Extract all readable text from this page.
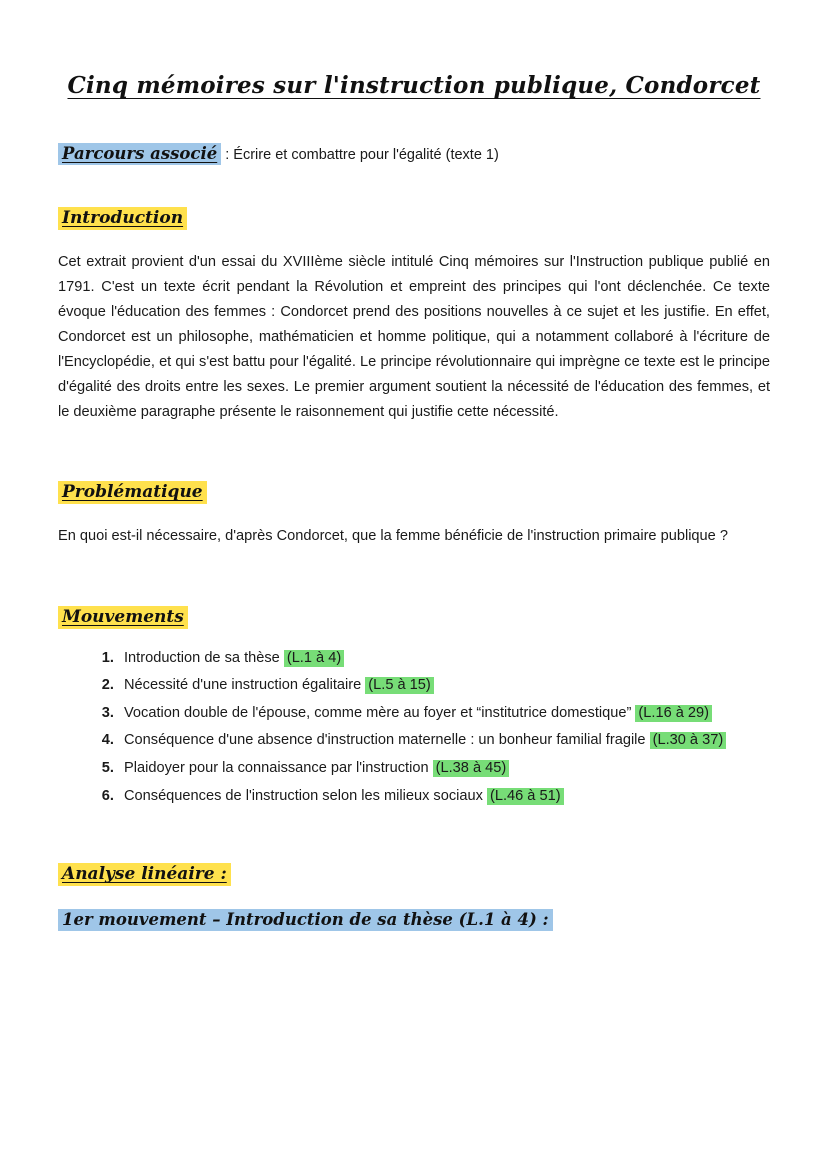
Cinq mémoires sur l'instruction publique, Condorcet
Parcours associé : Écrire et combattre pour l'égalité (texte 1)
Introduction

Cet extrait provient d'un essai du XVIIIème siècle intitulé Cinq mémoires sur l'Instruction publique publié en 1791. C'est un texte écrit pendant la Révolution et empreint des principes qui l'ont déclenchée. Ce texte évoque l'éducation des femmes : Condorcet prend des positions nouvelles à ce sujet et les justifie. En effet, Condorcet est un philosophe, mathématicien et homme politique, qui a notamment collaboré à l'écriture de l'Encyclopédie, et qui s'est battu pour l'égalité. Le principe révolutionnaire qui imprègne ce texte est le principe d'égalité des droits entre les sexes. Le premier argument soutient la nécessité de l'éducation des femmes, et le deuxième paragraphe présente le raisonnement qui justifie cette nécessité.

Problématique

En quoi est-il nécessaire, d'après Condorcet, que la femme bénéficie de l'instruction primaire publique ?

Mouvements
1. Introduction de sa thèse (L.1 à 4)
2. Nécessité d'une instruction égalitaire (L.5 à 15)
3. Vocation double de l'épouse, comme mère au foyer et “institutrice domestique” (L.16 à 29)
4. Conséquence d'une absence d'instruction maternelle : un bonheur familial fragile (L.30 à 37)
5. Plaidoyer pour la connaissance par l'instruction (L.38 à 45)
6. Conséquences de l'instruction selon les milieux sociaux (L.46 à 51)
Analyse linéaire :
1er mouvement – Introduction de sa thèse (L.1 à 4) :
